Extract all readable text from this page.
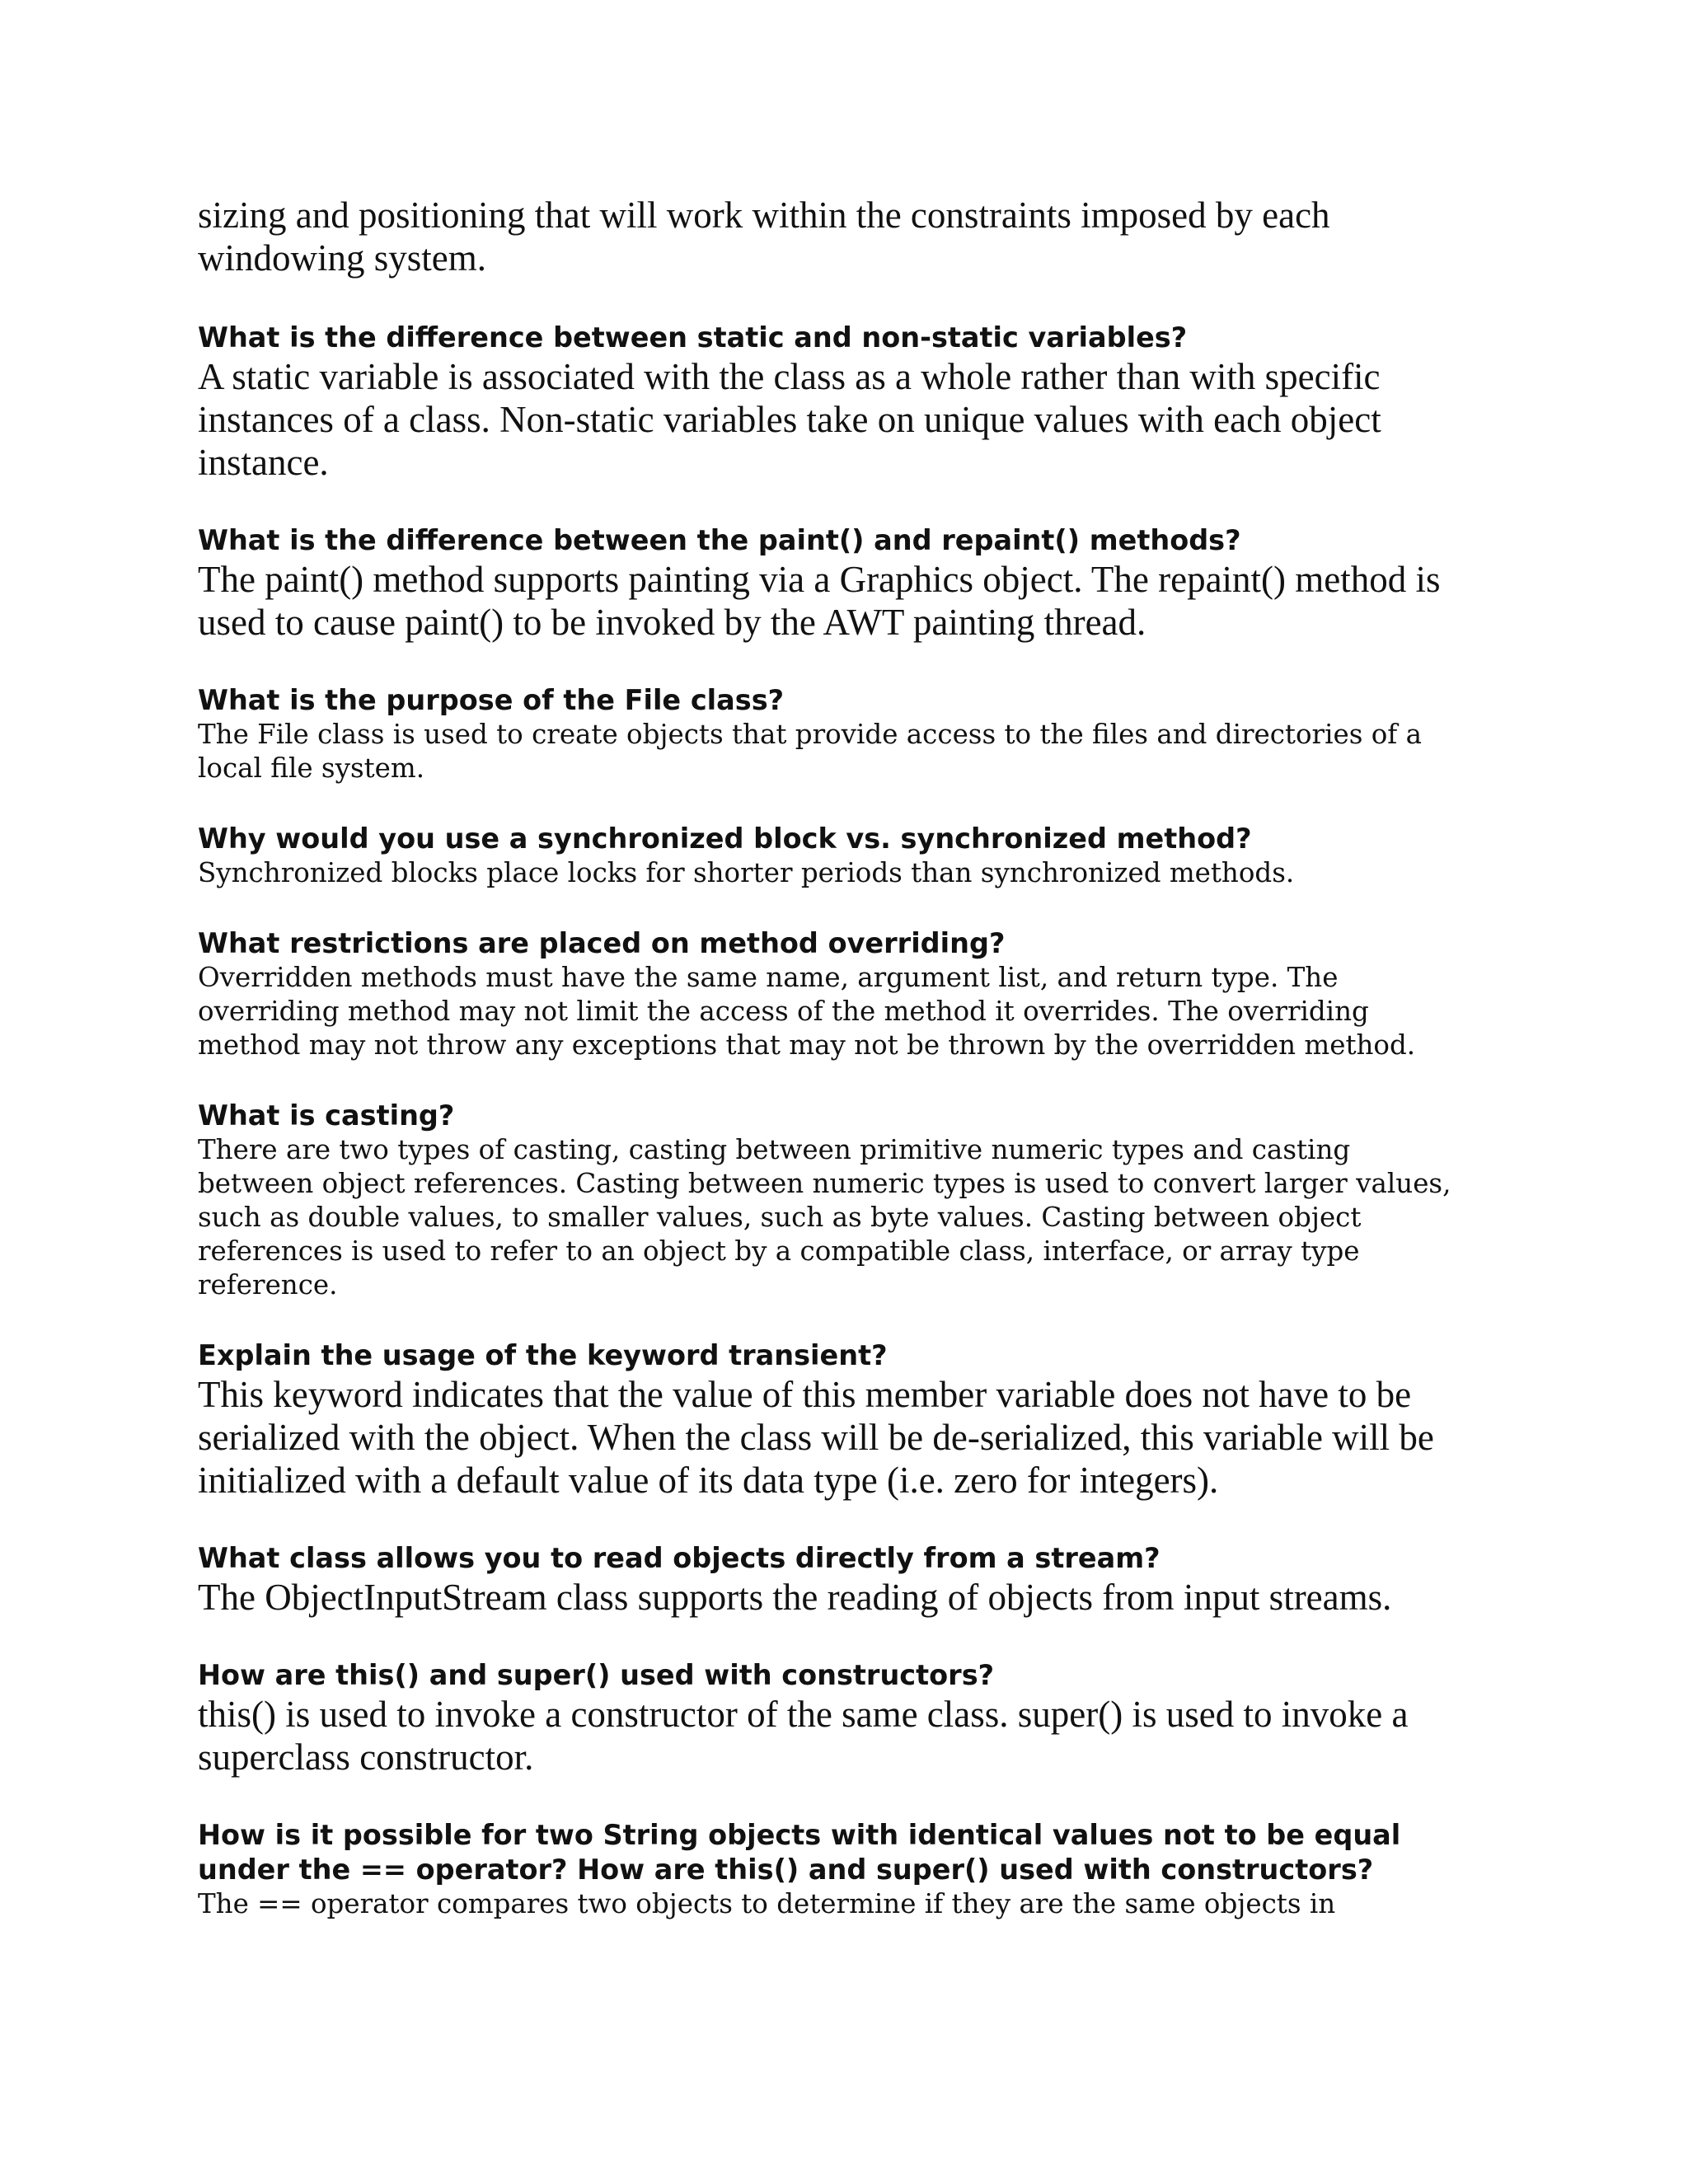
sizing and positioning that will work within the constraints imposed by each
windowing system.

What is the difference between static and non-static variables?

A static variable is associated with the class as a whole rather than with specific
instances of a class. Non-static variables take on unique values with each object
instance.

What is the difference between the paint() and repaint() methods?

The paint() method supports painting via a Graphics object. The repaint() method is
used to cause paint() to be invoked by the AWT painting thread.

What is the purpose of the File class?

The File class is used to create objects that provide access to the files and directories of a
local file system.

Why would you use a synchronized block vs. synchronized method?

Synchronized blocks place locks for shorter periods than synchronized methods.

What restrictions are placed on method overriding?

Overridden methods must have the same name, argument list, and return type. The
overriding method may not limit the access of the method it overrides. The overriding
method may not throw any exceptions that may not be thrown by the overridden method.

What is casting?

There are two types of casting, casting between primitive numeric types and casting
between object references. Casting between numeric types is used to convert larger values,
such as double values, to smaller values, such as byte values. Casting between object
references is used to refer to an object by a compatible class, interface, or array type
reference.

Explain the usage of the keyword transient?

This keyword indicates that the value of this member variable does not have to be
serialized with the object. When the class will be de-serialized, this variable will be
initialized with a default value of its data type (i.e. zero for integers).

What class allows you to read objects directly from a stream?

The ObjectInputStream class supports the reading of objects from input streams.

How are this() and super() used with constructors?

this() is used to invoke a constructor of the same class. super() is used to invoke a
superclass constructor.

How is it possible for two String objects with identical values not to be equal
under the == operator? How are this() and super() used with constructors?

The == operator compares two objects to determine if they are the same objects in
